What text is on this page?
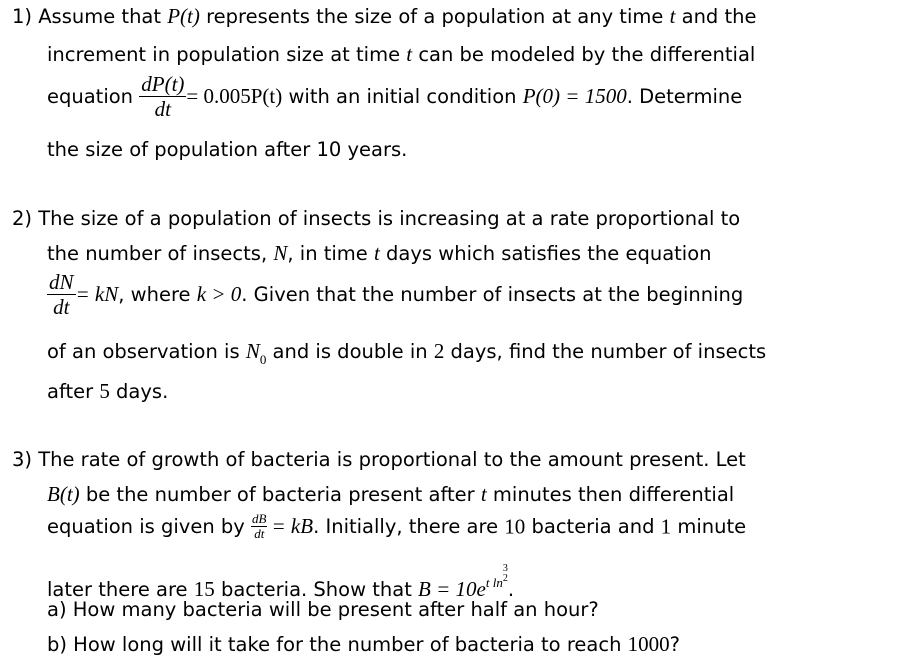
1) Assume that P(t) represents the size of a population at any time t and the
increment in population size at time t can be modeled by the differential
equation $\frac{dP(t)}{dt} = 0.005P(t)$ with an initial condition P(0) = 1500. Determine
the size of population after 10 years.
2) The size of a population of insects is increasing at a rate proportional to
the number of insects, N, in time t days which satisfies the equation
$\frac{dN}{dt}$ = kN, where k > 0. Given that the number of insects at the beginning
of an observation is $N_0$ and is double in 2 days, find the number of insects
after 5 days.
3) The rate of growth of bacteria is proportional to the amount present. Let
B(t) be the number of bacteria present after t minutes then differential
equation is given by $\frac{dB}{dt}$ = kB. Initially, there are 10 bacteria and 1 minute
later there are 15 bacteria. Show that $B = 10e^{t ln 3 2}$ .
a) How many bacteria will be present after half an hour?
b) How long will it take for the number of bacteria to reach 1000?
